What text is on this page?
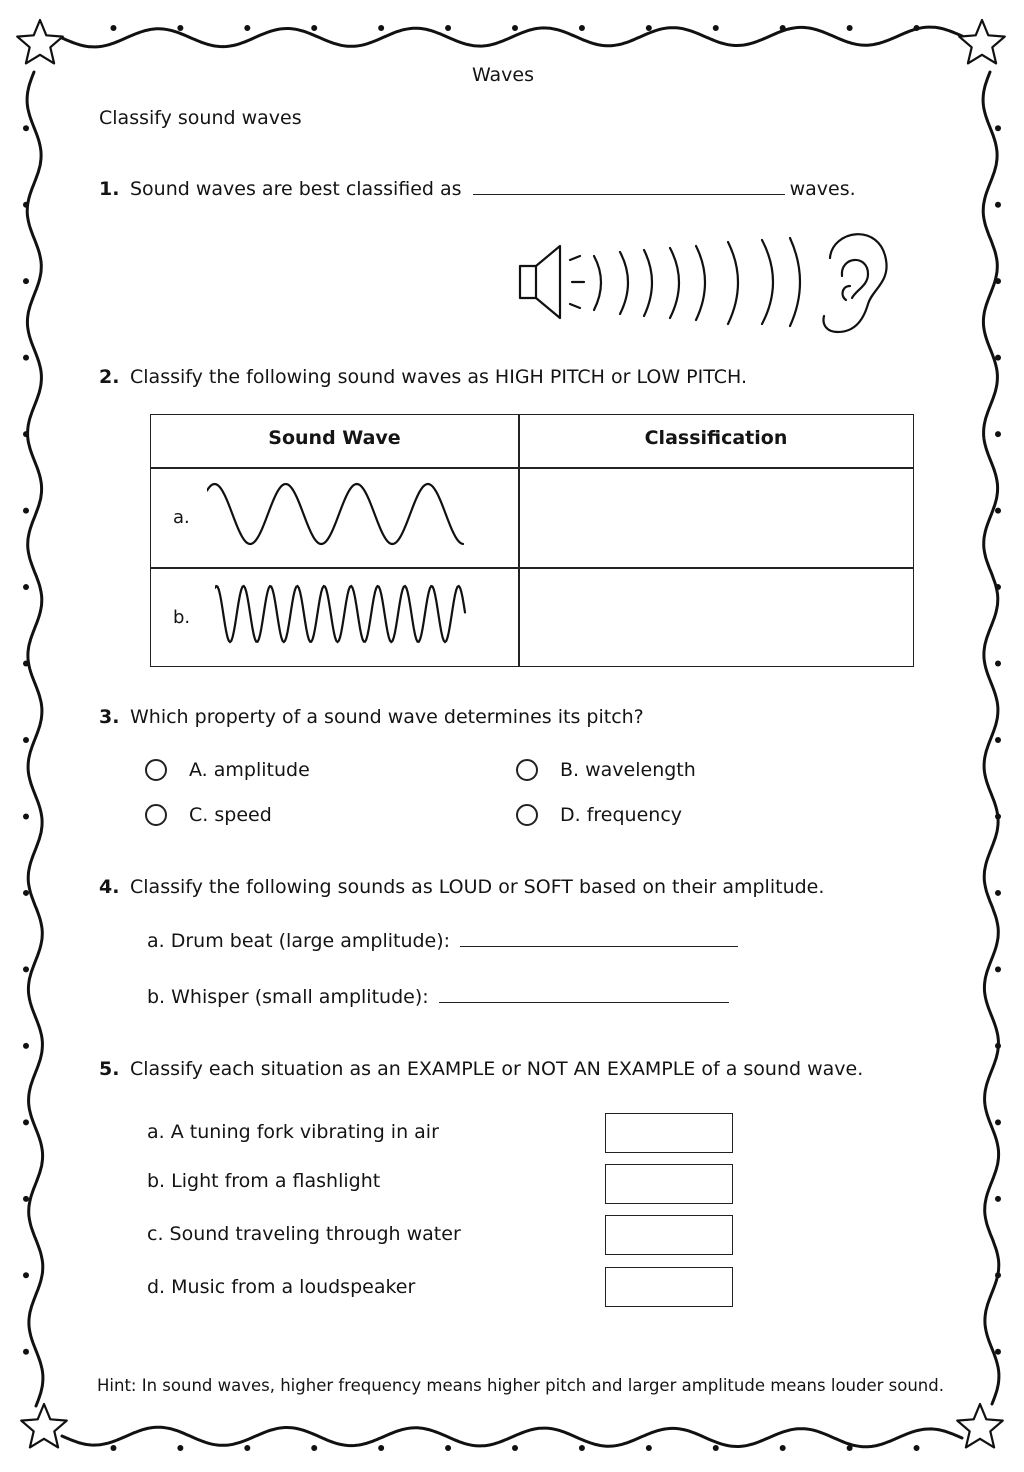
Waves
Classify sound waves
1. Sound waves are best classified as	waves.
2. Classify the following sound waves as HIGH PITCH or LOW PITCH.
Sound Wave	Classification
a.
b.
3. Which property of a sound wave determines its pitch?
A.
amplitude	B.
wavelength
C.
speed	D.
frequency
4. Classify the following sounds as LOUD or SOFT based on their amplitude.
a. Drum beat (large amplitude):
b. Whisper (small amplitude):
5. Classify each situation as an EXAMPLE or NOT AN EXAMPLE of a sound wave.
a. A tuning fork vibrating in air
b. Light from a flashlight
c. Sound traveling through water
d. Music from a loudspeaker
Hint: In sound waves, higher frequency means higher pitch and larger amplitude means louder sound.
